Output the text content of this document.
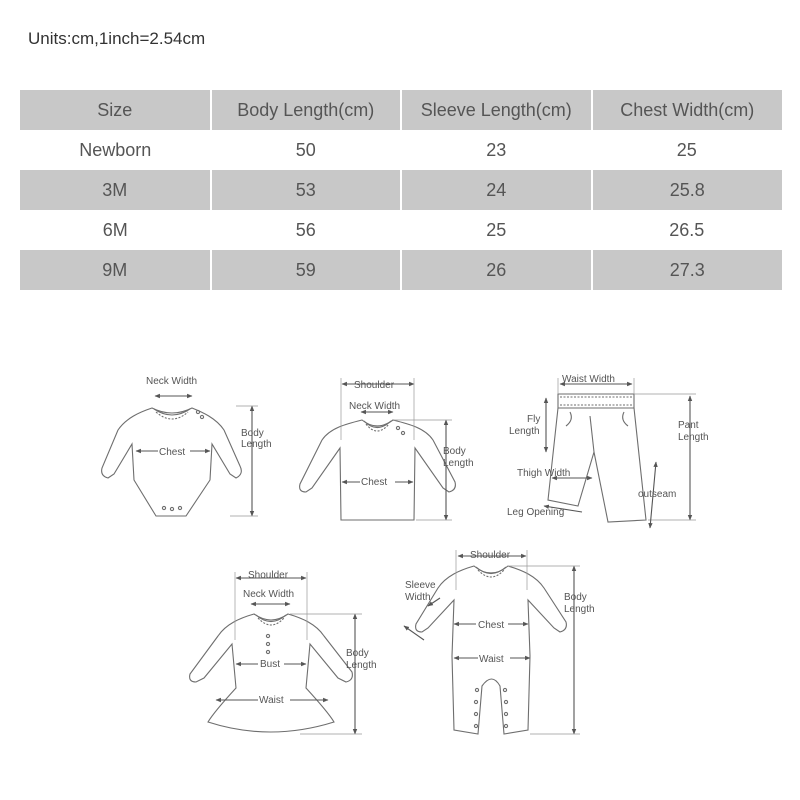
Units:cm,1inch=2.54cm
Size	Body Length(cm)	Sleeve Length(cm)	Chest Width(cm)
Newborn	50	23	25
3M	53	24	25.8
6M	56	25	26.5
9M	59	26	27.3
Neck Width
Chest
Body
Length
Shoulder
Neck Width
Chest
Body
Length
Waist Width
Fly
Length
Pant
Length
Thigh Width
outseam
Leg Opening
Shoulder
Neck Width
Bust
Waist
Body
Length
Shoulder
Sleeve
Width
Chest
Waist
Body
Length
